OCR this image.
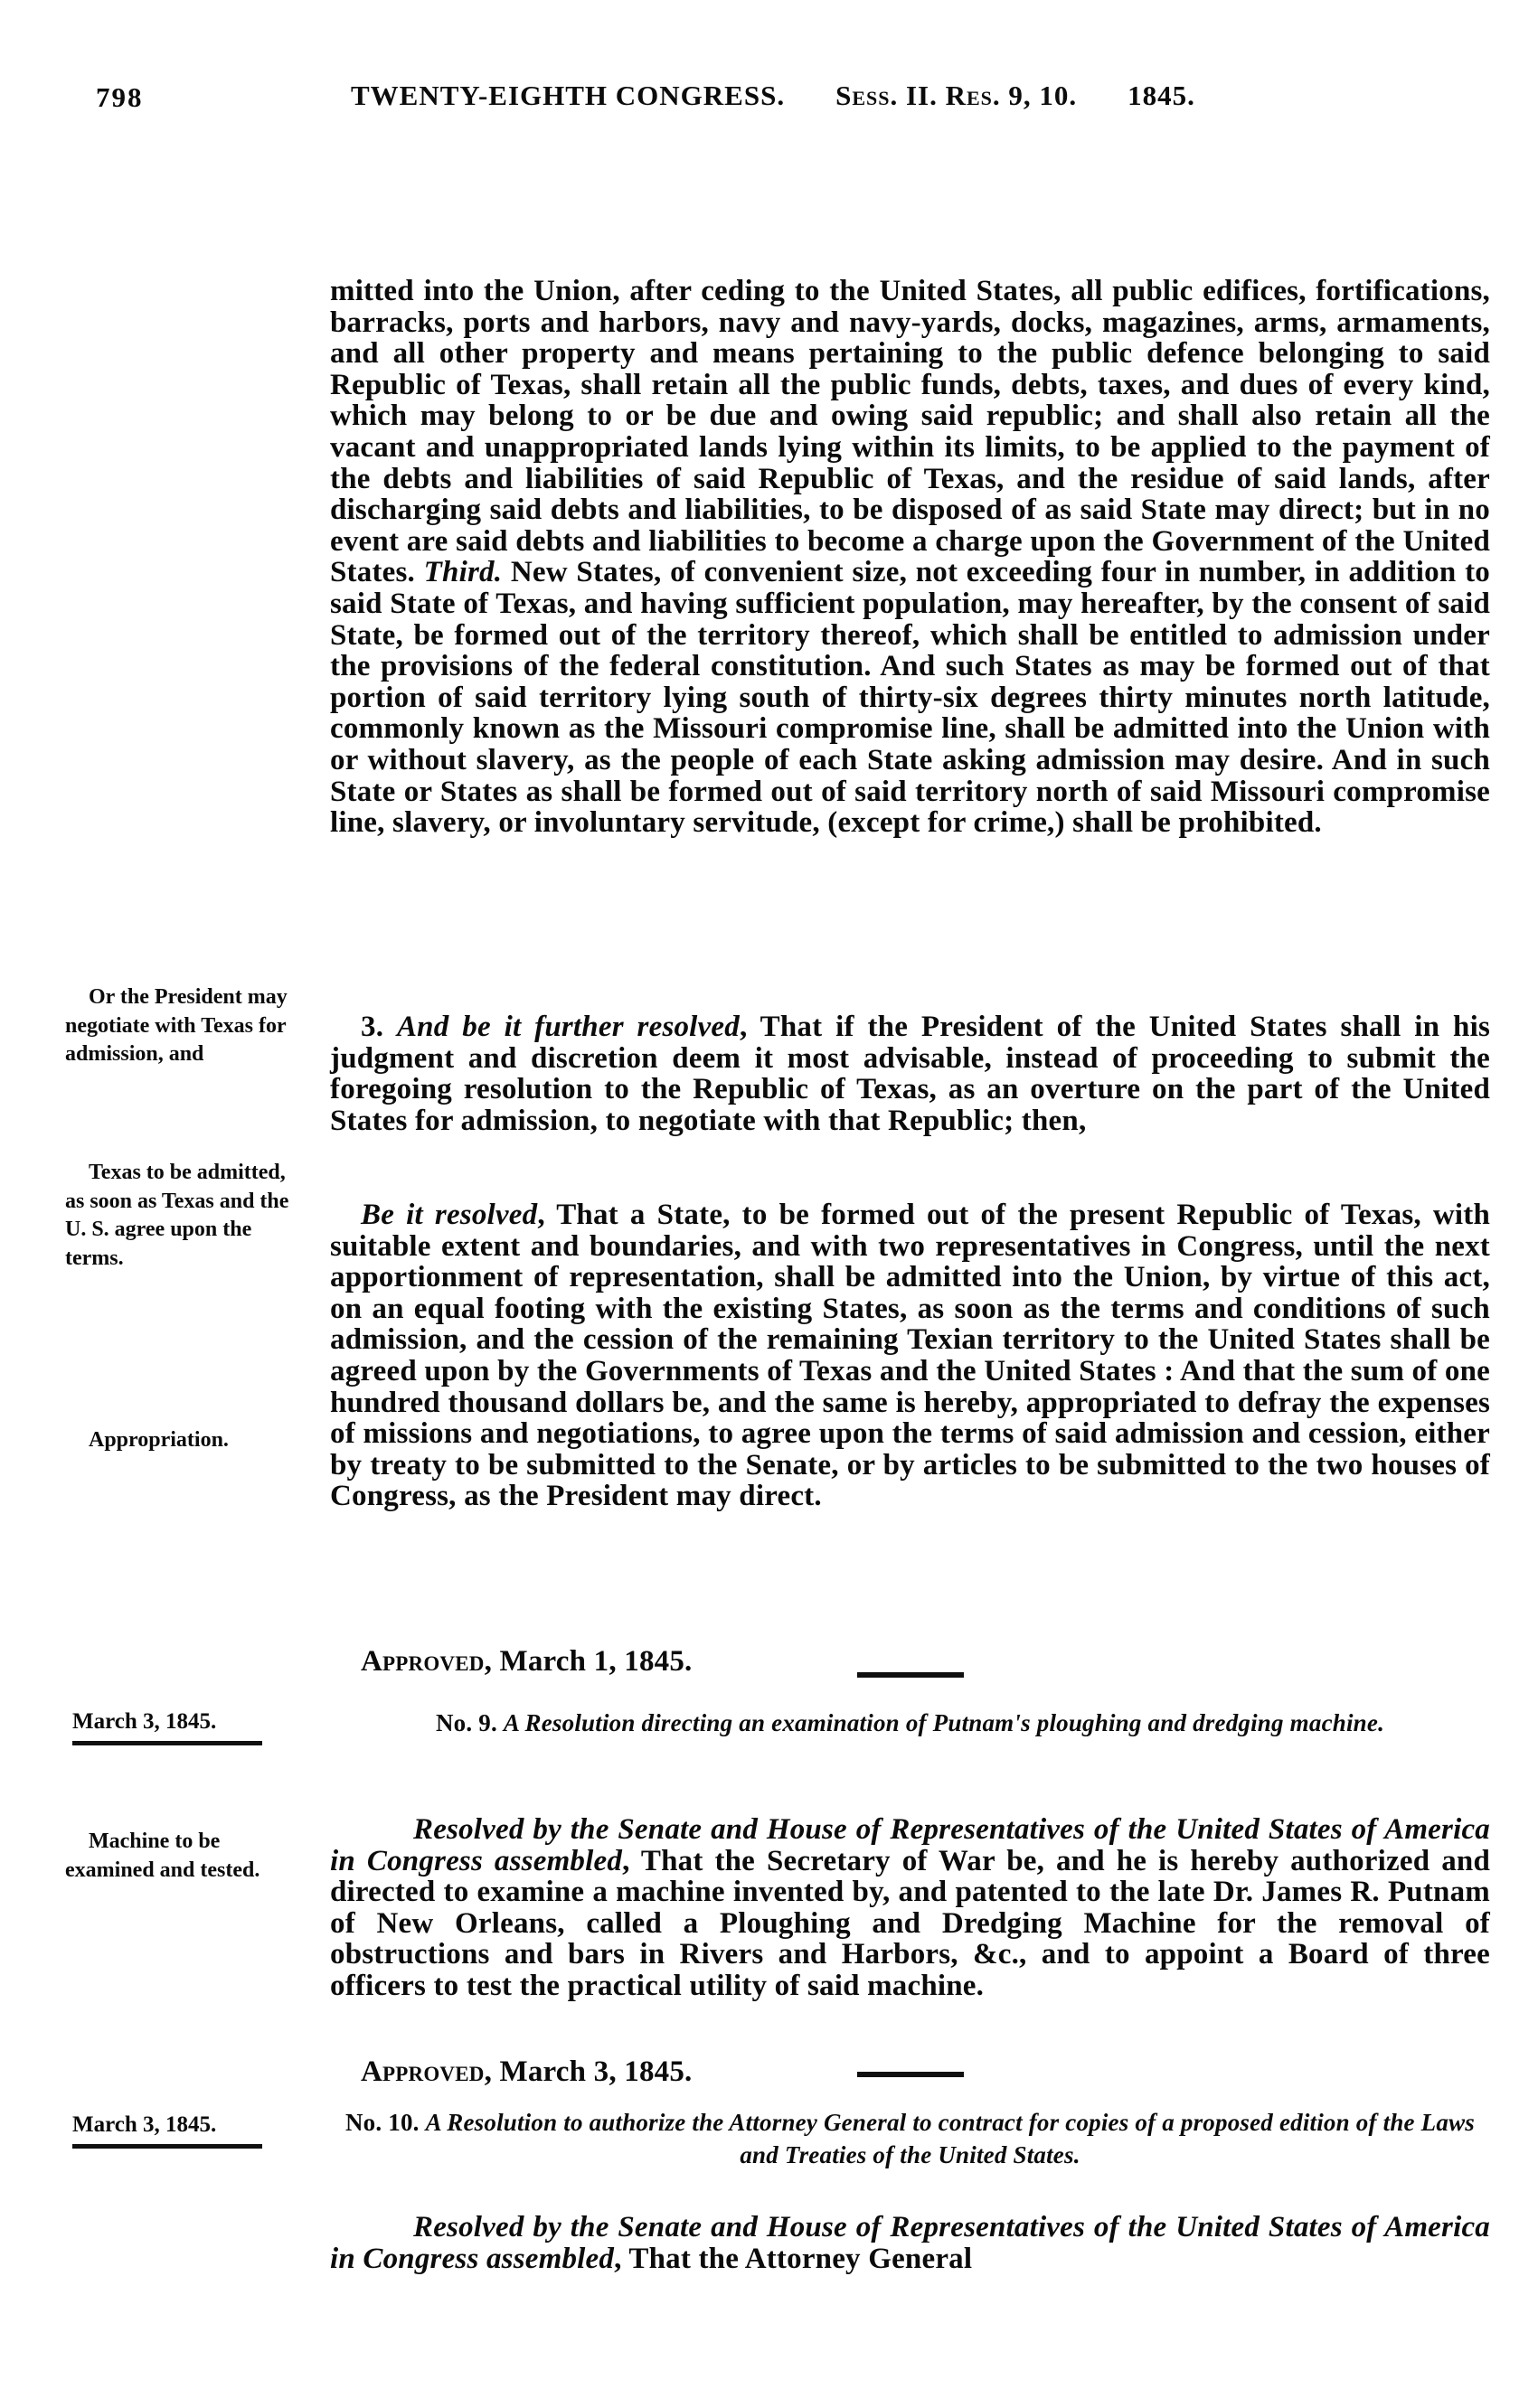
798	TWENTY-EIGHTH CONGRESS. Sess. II. Res. 9, 10. 1845.

mitted into the Union, after ceding to the United States, all public edifices, fortifications, barracks, ports and harbors, navy and navy-yards, docks, magazines, arms, armaments, and all other property and means pertaining to the public defence belonging to said Republic of Texas, shall retain all the public funds, debts, taxes, and dues of every kind, which may belong to or be due and owing said republic; and shall also retain all the vacant and unappropriated lands lying within its limits, to be applied to the payment of the debts and liabilities of said Republic of Texas, and the residue of said lands, after discharging said debts and liabilities, to be disposed of as said State may direct; but in no event are said debts and liabilities to become a charge upon the Government of the United States. Third. New States, of convenient size, not exceeding four in number, in addition to said State of Texas, and having sufficient population, may hereafter, by the consent of said State, be formed out of the territory thereof, which shall be entitled to admission under the provisions of the federal constitution. And such States as may be formed out of that portion of said territory lying south of thirty-six degrees thirty minutes north latitude, commonly known as the Missouri compromise line, shall be admitted into the Union with or without slavery, as the people of each State asking admission may desire. And in such State or States as shall be formed out of said territory north of said Missouri compromise line, slavery, or involuntary servitude, (except for crime,) shall be prohibited.

3. And be it further resolved, That if the President of the United States shall in his judgment and discretion deem it most advisable, instead of proceeding to submit the foregoing resolution to the Republic of Texas, as an overture on the part of the United States for admission, to negotiate with that Republic; then,

Be it resolved, That a State, to be formed out of the present Republic of Texas, with suitable extent and boundaries, and with two representatives in Congress, until the next apportionment of representation, shall be admitted into the Union, by virtue of this act, on an equal footing with the existing States, as soon as the terms and conditions of such admission, and the cession of the remaining Texian territory to the United States shall be agreed upon by the Governments of Texas and the United States : And that the sum of one hundred thousand dollars be, and the same is hereby, appropriated to defray the expenses of missions and negotiations, to agree upon the terms of said admission and cession, either by treaty to be submitted to the Senate, or by articles to be submitted to the two houses of Congress, as the President may direct.

Approved, March 1, 1845.

Or the President may negotiate with Texas for admission, and
Texas to be admitted, as soon as Texas and the U. S. agree upon the terms.
Appropriation.
March 3, 1845.	No. 9. A Resolution directing an examination of Putnam's ploughing and dredging machine.

Resolved by the Senate and House of Representatives of the United States of America in Congress assembled, That the Secretary of War be, and he is hereby authorized and directed to examine a machine invented by, and patented to the late Dr. James R. Putnam of New Orleans, called a Ploughing and Dredging Machine for the removal of obstructions and bars in Rivers and Harbors, &c., and to appoint a Board of three officers to test the practical utility of said machine.

Machine to be examined and tested.

Approved, March 3, 1845.

March 3, 1845.	No. 10. A Resolution to authorize the Attorney General to contract for copies of a proposed edition of the Laws and Treaties of the United States.

Resolved by the Senate and House of Representatives of the United States of America in Congress assembled, That the Attorney General
